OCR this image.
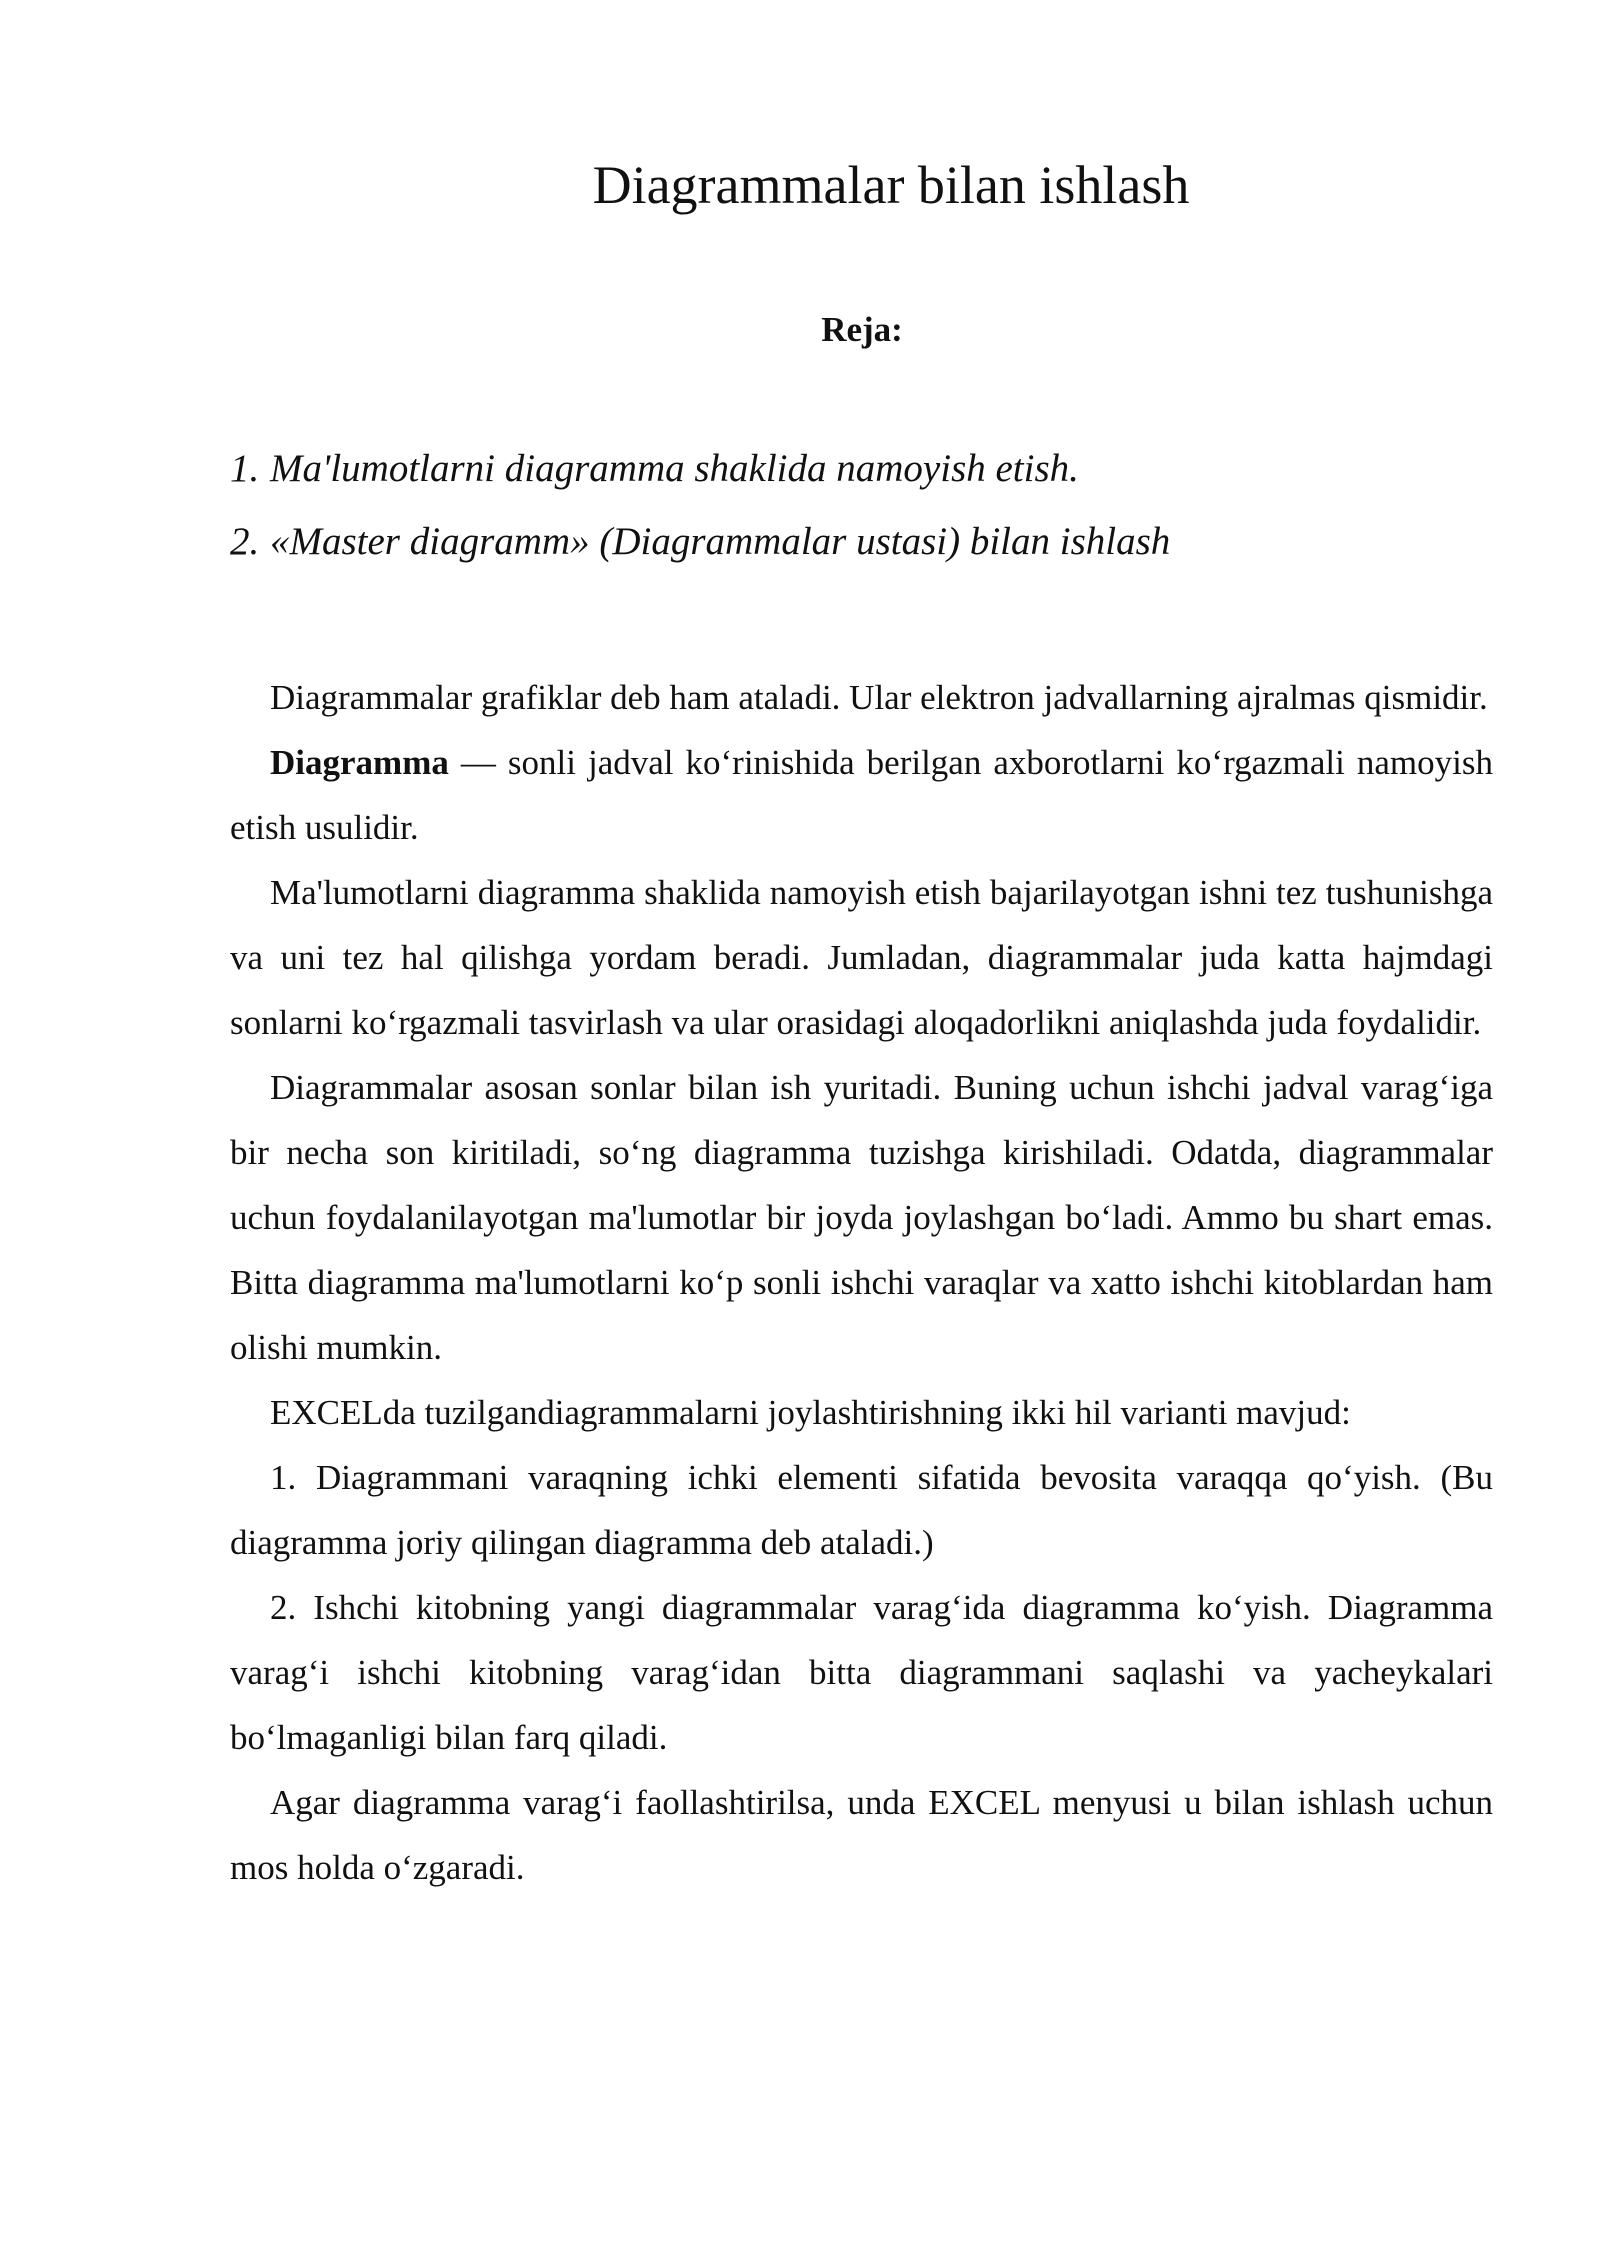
Diagrammalar bilan ishlash
Reja:
1. Ma'lumotlarni diagramma shaklida namoyish etish.
2. «Master diagramm» (Diagrammalar ustasi) bilan ishlash

Diagrammalar grafiklar deb ham ataladi. Ular elektron jadvallarning ajralmas qismidir.

Diagramma — sonli jadval ko‘rinishida berilgan axborotlarni ko‘rgazmali namoyish etish usulidir.

Ma'lumotlarni diagramma shaklida namoyish etish bajarilayotgan ishni tez tushunishga va uni tez hal qilishga yordam beradi. Jumladan, diagrammalar juda katta hajmdagi sonlarni ko‘rgazmali tasvirlash va ular orasidagi aloqadorlikni aniqlashda juda foydalidir.

Diagrammalar asosan sonlar bilan ish yuritadi. Buning uchun ishchi jadval varag‘iga bir necha son kiritiladi, so‘ng diagramma tuzishga kirishiladi. Odatda, diagrammalar uchun foydalanilayotgan ma'lumotlar bir joyda joylashgan bo‘ladi. Ammo bu shart emas. Bitta diagramma ma'lumotlarni ko‘p sonli ishchi varaqlar va xatto ishchi kitoblardan ham olishi mumkin.

EXCELda tuzilgandiagrammalarni joylashtirishning ikki hil varianti mavjud:

1. Diagrammani varaqning ichki elementi sifatida bevosita varaqqa qo‘yish. (Bu diagramma joriy qilingan diagramma deb ataladi.)

2. Ishchi kitobning yangi diagrammalar varag‘ida diagramma ko‘yish. Diagramma varag‘i ishchi kitobning varag‘idan bitta diagrammani saqlashi va yacheykalari bo‘lmaganligi bilan farq qiladi.

Agar diagramma varag‘i faollashtirilsa, unda EXCEL menyusi u bilan ishlash uchun mos holda o‘zgaradi.
